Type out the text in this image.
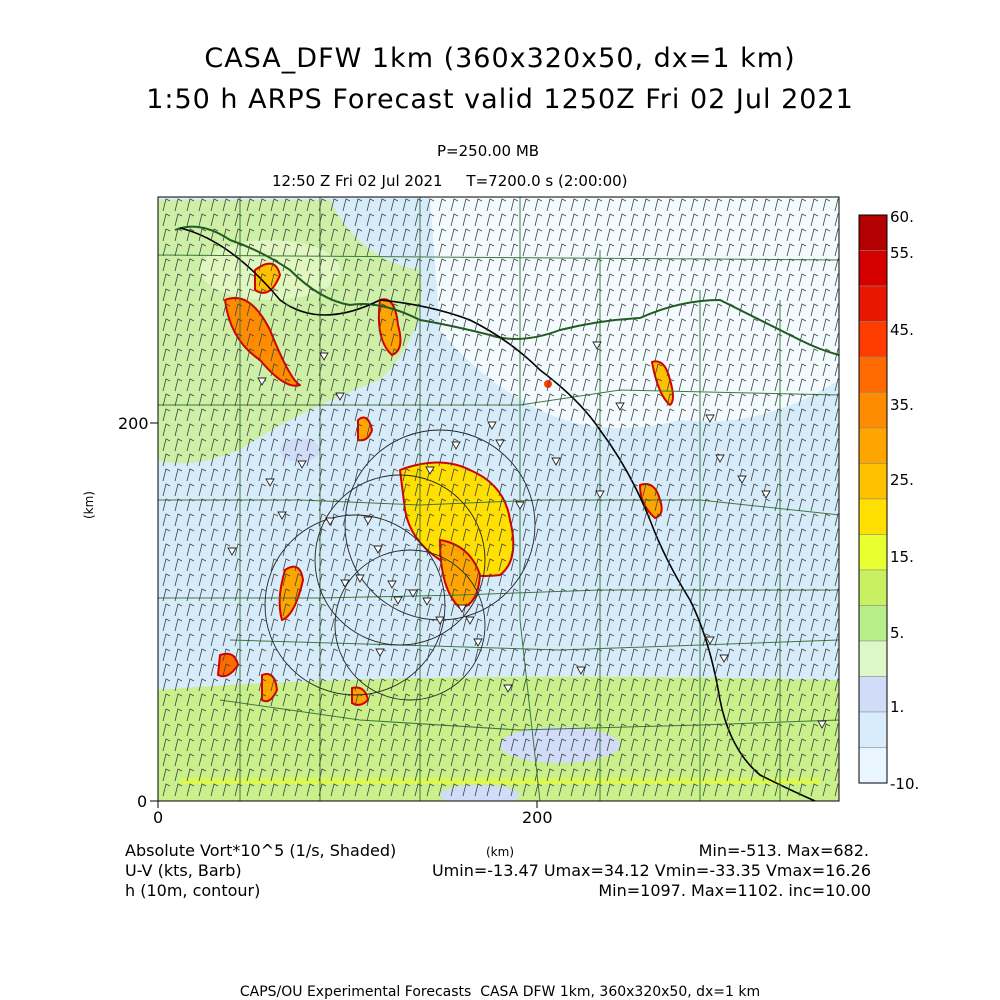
CASA_DFW 1km (360x320x50, dx=1 km)
1:50 h ARPS Forecast valid 1250Z Fri 02 Jul 2021
P=250.00 MB
12:50 Z Fri 02 Jul 2021     T=7200.0 s (2:00:00)
200
0
0	200
(km)
(km)
60.
55.
45.
35.
25.
15.
5.
1.
-10.
Absolute Vort*10^5 (1/s, Shaded)
U-V (kts, Barb)
h (10m, contour)
Min=-513. Max=682.
Umin=-13.47 Umax=34.12 Vmin=-33.35 Vmax=16.26
Min=1097. Max=1102. inc=10.00
CAPS/OU Experimental Forecasts  CASA DFW 1km, 360x320x50, dx=1 km
